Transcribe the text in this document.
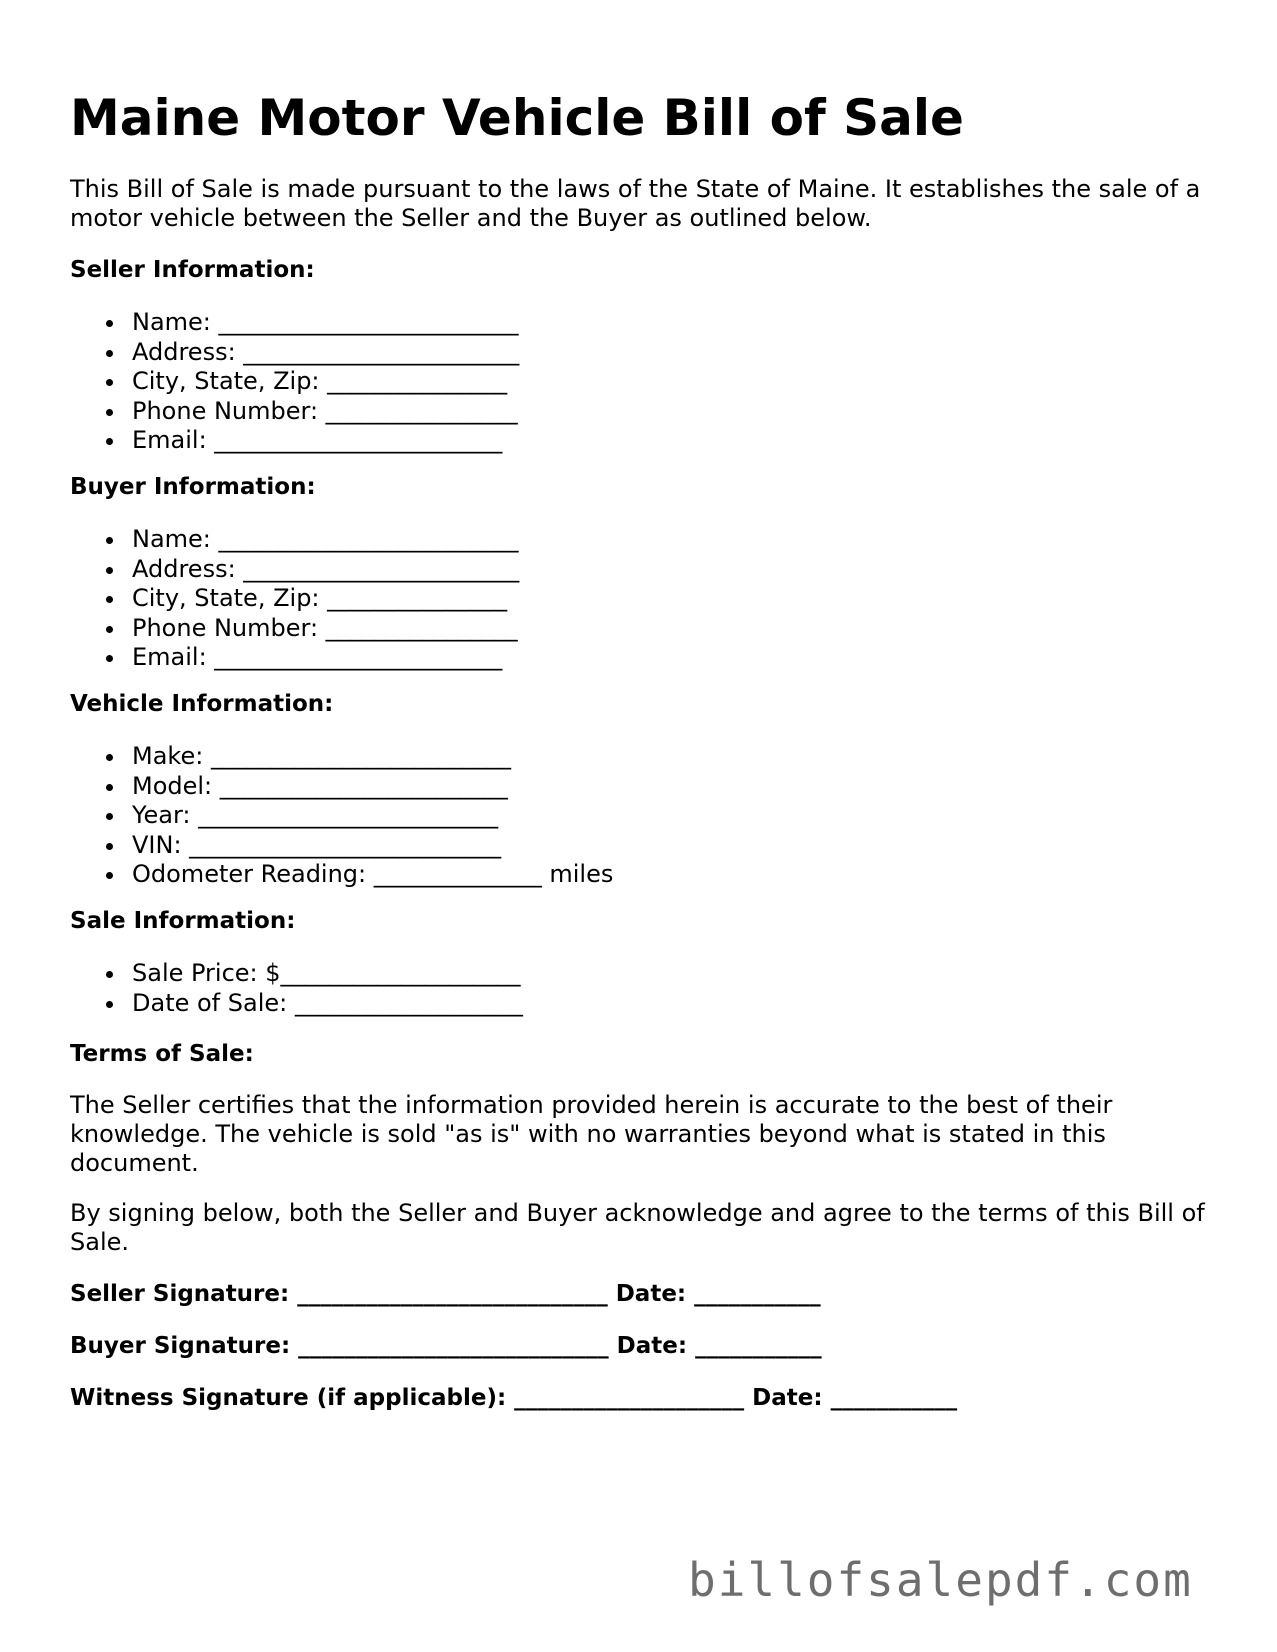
Maine Motor Vehicle Bill of Sale

This Bill of Sale is made pursuant to the laws of the State of Maine. It establishes the sale of a motor vehicle between the Seller and the Buyer as outlined below.

Seller Information:

Name: _________________________
Address: _______________________
City, State, Zip: _______________
Phone Number: ________________
Email: ________________________

Buyer Information:

Name: _________________________
Address: _______________________
City, State, Zip: _______________
Phone Number: ________________
Email: ________________________

Vehicle Information:

Make: _________________________
Model: ________________________
Year: _________________________
VIN: __________________________
Odometer Reading: ______________ miles

Sale Information:

Sale Price: $____________________
Date of Sale: ___________________

Terms of Sale:

The Seller certifies that the information provided herein is accurate to the best of their knowledge. The vehicle is sold "as is" with no warranties beyond what is stated in this document.

By signing below, both the Seller and Buyer acknowledge and agree to the terms of this Bill of Sale.

Seller Signature: ___________________________ Date: ___________

Buyer Signature: ___________________________ Date: ___________

Witness Signature (if applicable): ____________________ Date: ___________

billofsalepdf.com
